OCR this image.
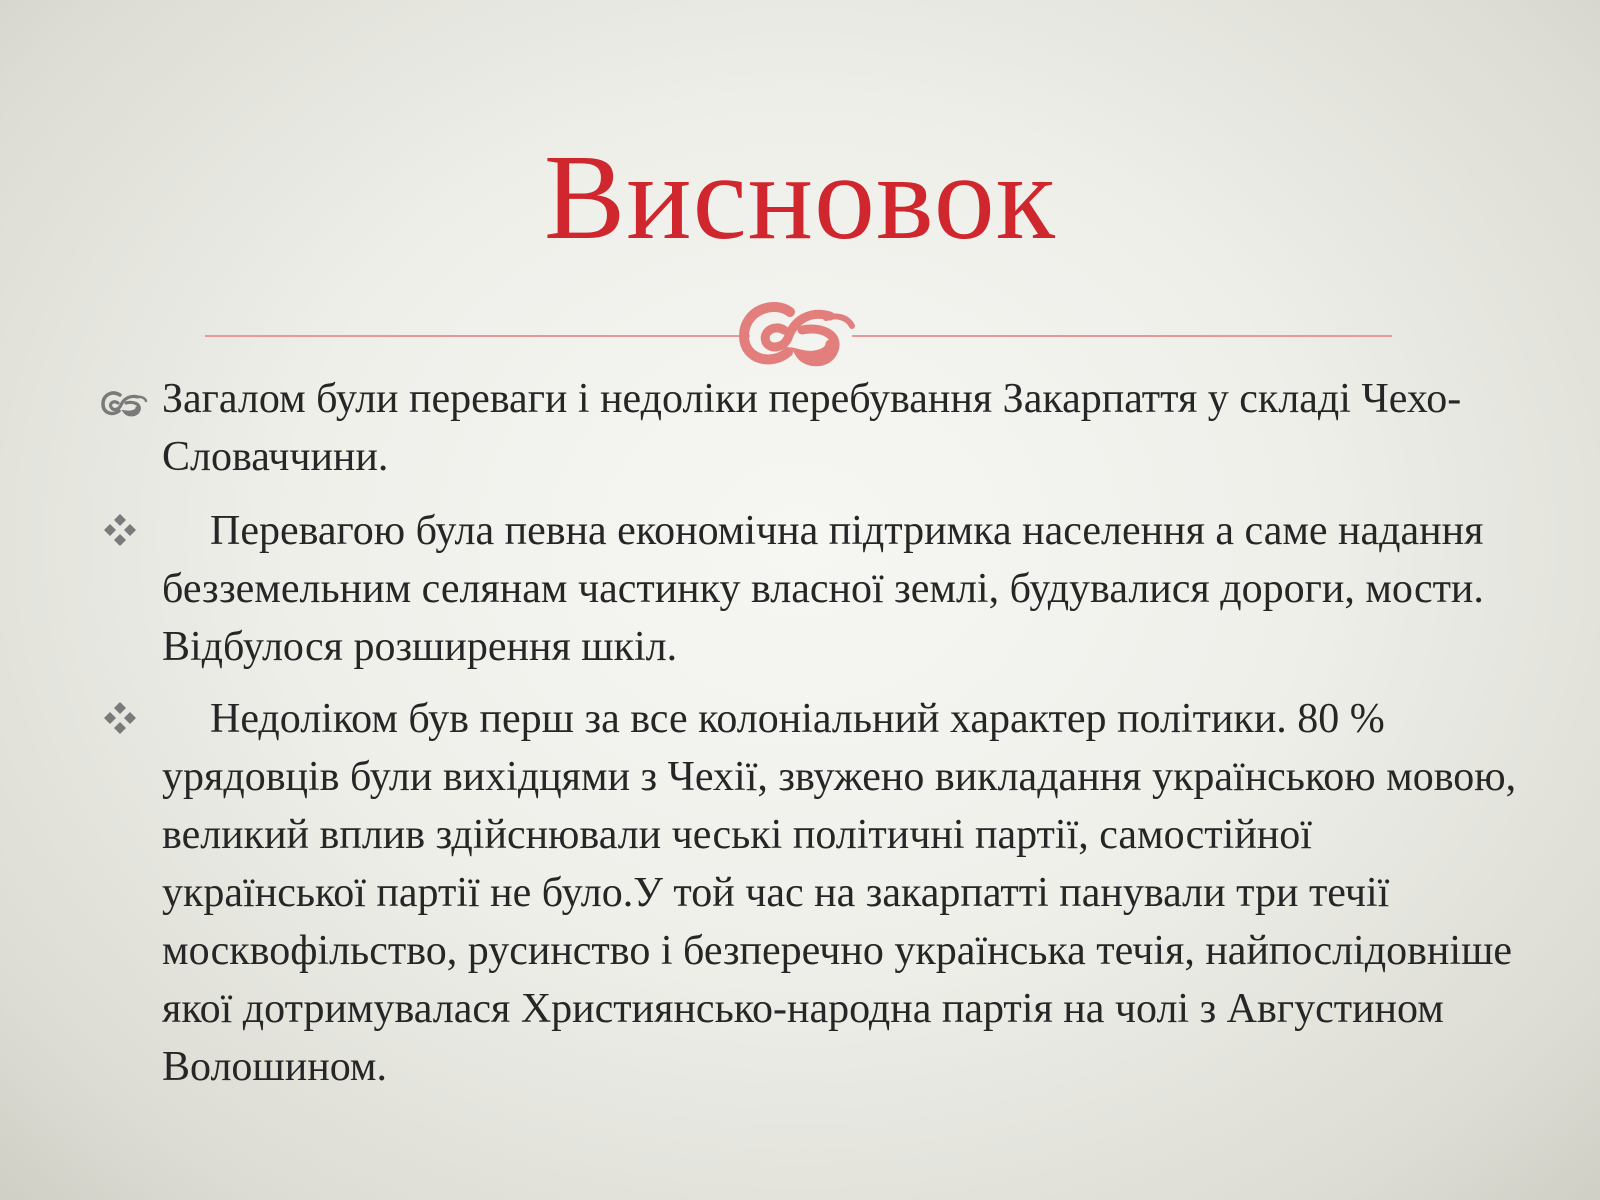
Висновок

Загалом були переваги і недоліки перебування Закарпаття у складі Чехо-Словаччини.

Перевагою була певна економічна підтримка населення а саме надання безземельним селянам частинку власної землі, будувалися дороги, мости. Відбулося розширення шкіл.

Недоліком був перш за все колоніальний характер політики. 80 % урядовців були вихідцями з Чехії, звужено викладання українською мовою, великий вплив здійснювали чеські політичні партії, самостійної української партії не було.У той час на закарпатті панували три течії москвофільство, русинство і безперечно українська течія, найпослідовніше якої дотримувалася Християнсько-народна партія на чолі з Августином Волошином.
